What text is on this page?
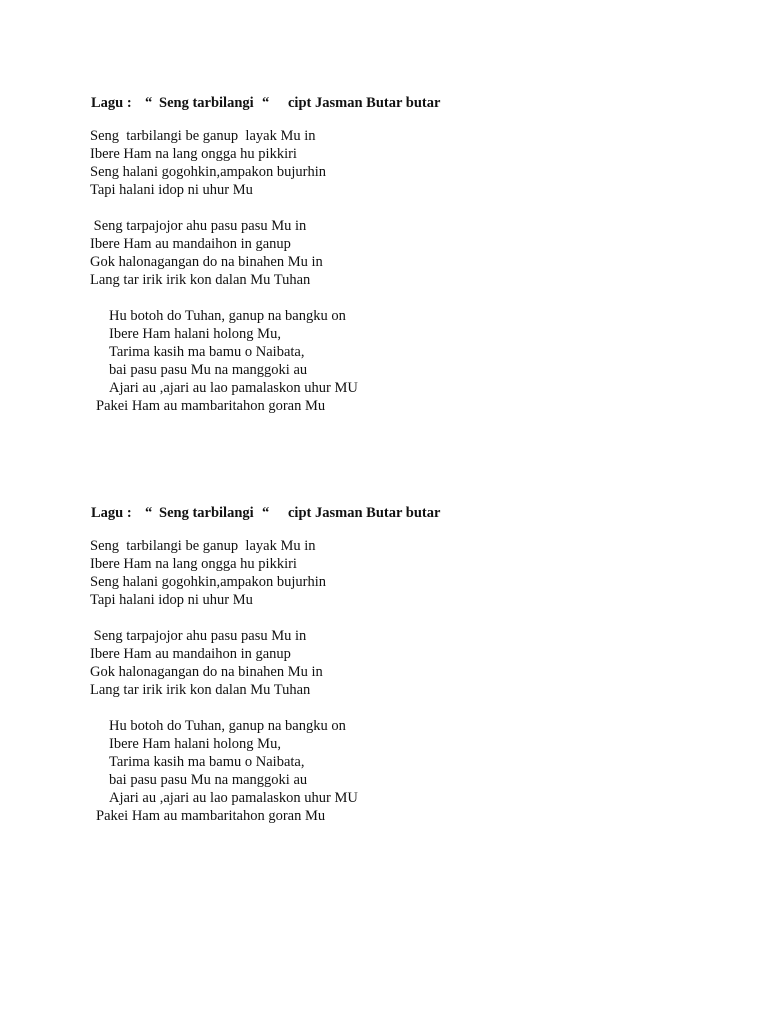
Lagu :

“

Seng tarbilangi

“

cipt Jasman Butar butar

Seng  tarbilangi be ganup  layak Mu in
Ibere Ham na lang ongga hu pikkiri
Seng halani gogohkin,ampakon bujurhin
Tapi halani idop ni uhur Mu
Seng tarpajojor ahu pasu pasu Mu in
Ibere Ham au mandaihon in ganup
Gok halonagangan do na binahen Mu in
Lang tar irik irik kon dalan Mu Tuhan
Hu botoh do Tuhan, ganup na bangku on
Ibere Ham halani holong Mu,
Tarima kasih ma bamu o Naibata,
bai pasu pasu Mu na manggoki au
Ajari au ,ajari au lao pamalaskon uhur MU
Pakei Ham au mambaritahon goran Mu

Lagu :

“

Seng tarbilangi

“

cipt Jasman Butar butar

Seng  tarbilangi be ganup  layak Mu in
Ibere Ham na lang ongga hu pikkiri
Seng halani gogohkin,ampakon bujurhin
Tapi halani idop ni uhur Mu
Seng tarpajojor ahu pasu pasu Mu in
Ibere Ham au mandaihon in ganup
Gok halonagangan do na binahen Mu in
Lang tar irik irik kon dalan Mu Tuhan
Hu botoh do Tuhan, ganup na bangku on
Ibere Ham halani holong Mu,
Tarima kasih ma bamu o Naibata,
bai pasu pasu Mu na manggoki au
Ajari au ,ajari au lao pamalaskon uhur MU
Pakei Ham au mambaritahon goran Mu
